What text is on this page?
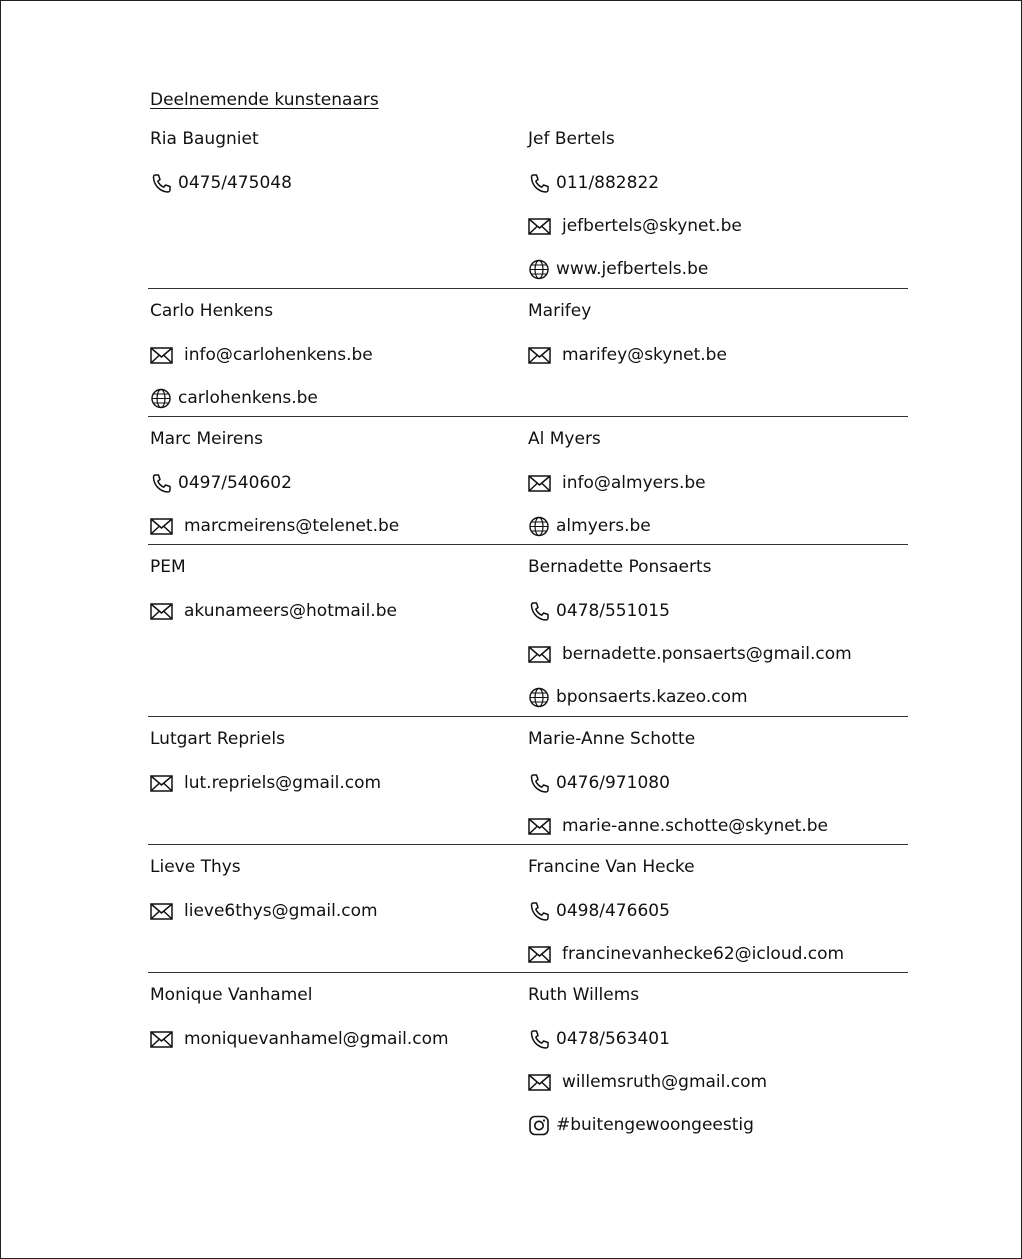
Deelnemende kunstenaars
Ria Baugniet
0475/475048
Jef Bertels
011/882822
jefbertels@skynet.be
www.jefbertels.be
Carlo Henkens
info@carlohenkens.be
carlohenkens.be
Marifey
marifey@skynet.be
Marc Meirens
0497/540602
marcmeirens@telenet.be
Al Myers
info@almyers.be
almyers.be
PEM
akunameers@hotmail.be
Bernadette Ponsaerts
0478/551015
bernadette.ponsaerts@gmail.com
bponsaerts.kazeo.com
Lutgart Repriels
lut.repriels@gmail.com
Marie-Anne Schotte
0476/971080
marie-anne.schotte@skynet.be
Lieve Thys
lieve6thys@gmail.com
Francine Van Hecke
0498/476605
francinevanhecke62@icloud.com
Monique Vanhamel
moniquevanhamel@gmail.com
Ruth Willems
0478/563401
willemsruth@gmail.com
#buitengewoongeestig
